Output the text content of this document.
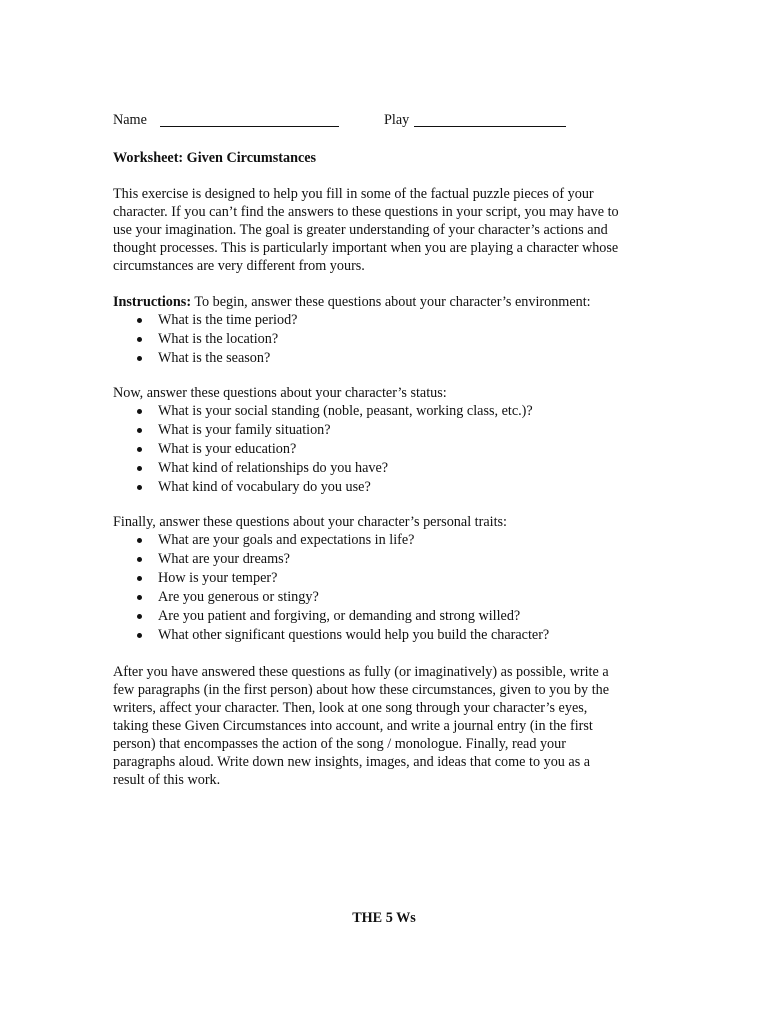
Name	Play

Worksheet: Given Circumstances

This exercise is designed to help you fill in some of the factual puzzle pieces of your

character. If you can’t find the answers to these questions in your script, you may have to

use your imagination. The goal is greater understanding of your character’s actions and

thought processes. This is particularly important when you are playing a character whose

circumstances are very different from yours.

Instructions: To begin, answer these questions about your character’s environment:

What is the time period?
What is the location?
What is the season?

Now, answer these questions about your character’s status:

What is your social standing (noble, peasant, working class, etc.)?
What is your family situation?
What is your education?
What kind of relationships do you have?
What kind of vocabulary do you use?

Finally, answer these questions about your character’s personal traits:

What are your goals and expectations in life?
What are your dreams?
How is your temper?
Are you generous or stingy?
Are you patient and forgiving, or demanding and strong willed?
What other significant questions would help you build the character?

After you have answered these questions as fully (or imaginatively) as possible, write a

few paragraphs (in the first person) about how these circumstances, given to you by the

writers, affect your character. Then, look at one song through your character’s eyes,

taking these Given Circumstances into account, and write a journal entry (in the first

person) that encompasses the action of the song / monologue. Finally, read your

paragraphs aloud. Write down new insights, images, and ideas that come to you as a

result of this work.

THE 5 Ws
